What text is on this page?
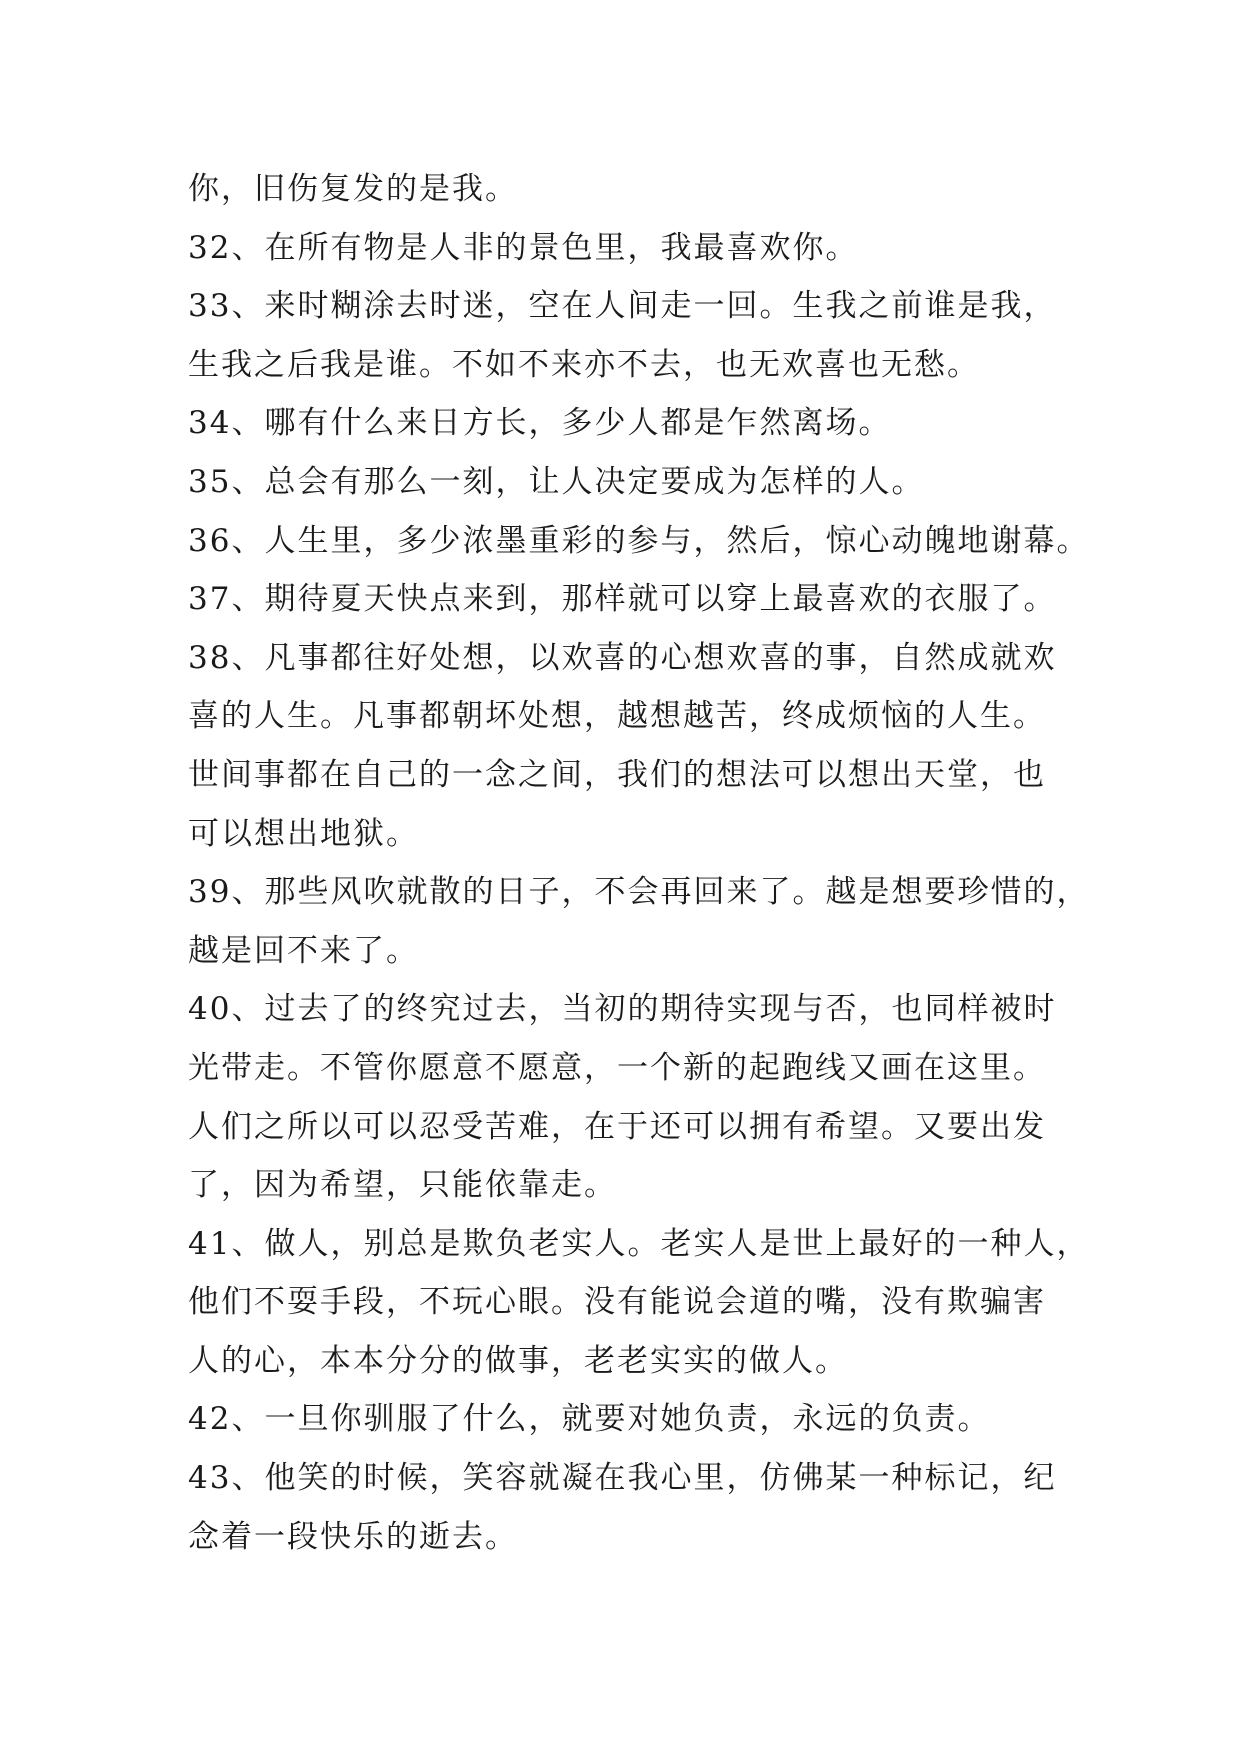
你，旧伤复发的是我。

32、在所有物是人非的景色里，我最喜欢你。

33、来时糊涂去时迷，空在人间走一回。生我之前谁是我，

生我之后我是谁。不如不来亦不去，也无欢喜也无愁。

34、哪有什么来日方长，多少人都是乍然离场。

35、总会有那么一刻，让人决定要成为怎样的人。

36、人生里，多少浓墨重彩的参与，然后，惊心动魄地谢幕。

37、期待夏天快点来到，那样就可以穿上最喜欢的衣服了。

38、凡事都往好处想，以欢喜的心想欢喜的事，自然成就欢

喜的人生。凡事都朝坏处想，越想越苦，终成烦恼的人生。

世间事都在自己的一念之间，我们的想法可以想出天堂，也

可以想出地狱。

39、那些风吹就散的日子，不会再回来了。越是想要珍惜的，

越是回不来了。

40、过去了的终究过去，当初的期待实现与否，也同样被时

光带走。不管你愿意不愿意，一个新的起跑线又画在这里。

人们之所以可以忍受苦难，在于还可以拥有希望。又要出发

了，因为希望，只能依靠走。

41、做人，别总是欺负老实人。老实人是世上最好的一种人，

他们不耍手段，不玩心眼。没有能说会道的嘴，没有欺骗害

人的心，本本分分的做事，老老实实的做人。

42、一旦你驯服了什么，就要对她负责，永远的负责。

43、他笑的时候，笑容就凝在我心里，仿佛某一种标记，纪

念着一段快乐的逝去。
